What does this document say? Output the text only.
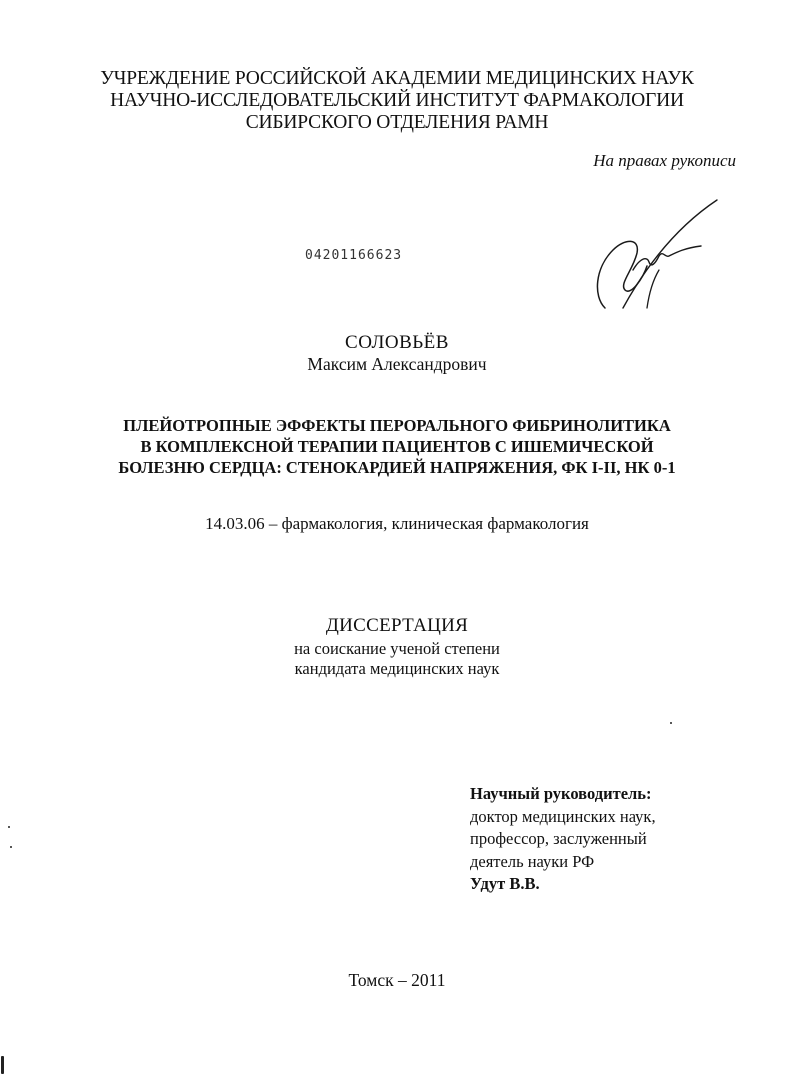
УЧРЕЖДЕНИЕ РОССИЙСКОЙ АКАДЕМИИ МЕДИЦИНСКИХ НАУК
НАУЧНО-ИССЛЕДОВАТЕЛЬСКИЙ ИНСТИТУТ ФАРМАКОЛОГИИ
СИБИРСКОГО ОТДЕЛЕНИЯ РАМН
На правах рукописи
04201166623
СОЛОВЬЁВ
Максим Александрович
ПЛЕЙОТРОПНЫЕ ЭФФЕКТЫ ПЕРОРАЛЬНОГО ФИБРИНОЛИТИКА
В КОМПЛЕКСНОЙ ТЕРАПИИ ПАЦИЕНТОВ С ИШЕМИЧЕСКОЙ
БОЛЕЗНЮ СЕРДЦА: СТЕНОКАРДИЕЙ НАПРЯЖЕНИЯ, ФК I-II, НК 0-1
14.03.06 – фармакология, клиническая фармакология
ДИССЕРТАЦИЯ
на соискание ученой степени
кандидата медицинских наук
Научный руководитель:
доктор медицинских наук,
профессор, заслуженный
деятель науки РФ
Удут В.В.
Томск – 2011
